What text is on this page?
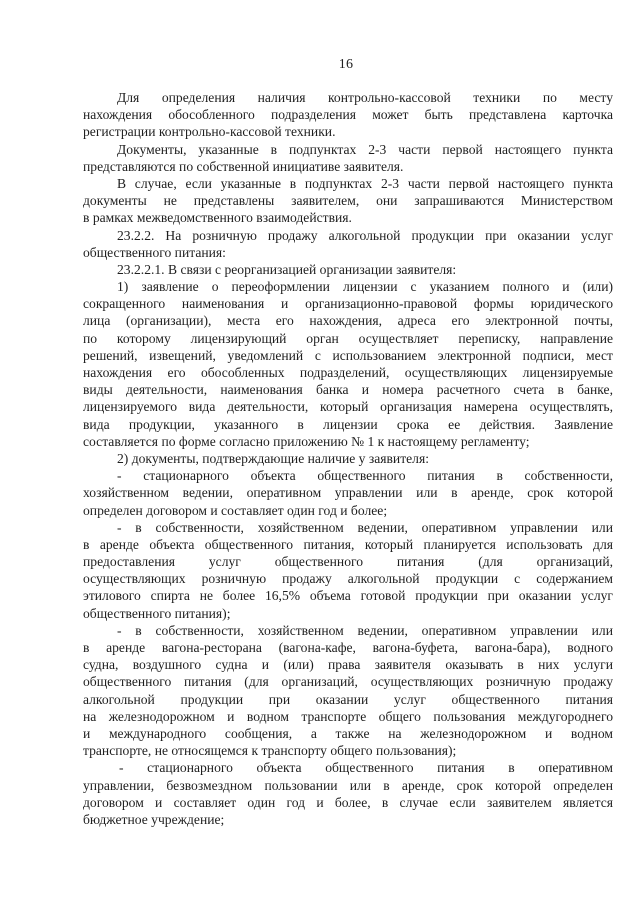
16
Для определения наличия контрольно-кассовой техники по месту
нахождения обособленного подразделения может быть представлена карточка
регистрации контрольно-кассовой техники.
Документы, указанные в подпунктах 2-3 части первой настоящего пункта
представляются по собственной инициативе заявителя.
В случае, если указанные в подпунктах 2-3 части первой настоящего пункта
документы не представлены заявителем, они запрашиваются Министерством
в рамках межведомственного взаимодействия.
23.2.2. На розничную продажу алкогольной продукции при оказании услуг
общественного питания:
23.2.2.1. В связи с реорганизацией организации заявителя:
1) заявление о переоформлении лицензии с указанием полного и (или)
сокращенного наименования и организационно-правовой формы юридического
лица (организации), места его нахождения, адреса его электронной почты,
по которому лицензирующий орган осуществляет переписку, направление
решений, извещений, уведомлений с использованием электронной подписи, мест
нахождения его обособленных подразделений, осуществляющих лицензируемые
виды деятельности, наименования банка и номера расчетного счета в банке,
лицензируемого вида деятельности, который организация намерена осуществлять,
вида продукции, указанного в лицензии срока ее действия. Заявление
составляется по форме согласно приложению № 1 к настоящему регламенту;
2) документы, подтверждающие наличие у заявителя:
- стационарного объекта общественного питания в собственности,
хозяйственном ведении, оперативном управлении или в аренде, срок которой
определен договором и составляет один год и более;
- в собственности, хозяйственном ведении, оперативном управлении или
в аренде объекта общественного питания, который планируется использовать для
предоставления услуг общественного питания (для организаций,
осуществляющих розничную продажу алкогольной продукции с содержанием
этилового спирта не более 16,5% объема готовой продукции при оказании услуг
общественного питания);
- в собственности, хозяйственном ведении, оперативном управлении или
в аренде вагона-ресторана (вагона-кафе, вагона-буфета, вагона-бара), водного
судна, воздушного судна и (или) права заявителя оказывать в них услуги
общественного питания (для организаций, осуществляющих розничную продажу
алкогольной продукции при оказании услуг общественного питания
на железнодорожном и водном транспорте общего пользования междугороднего
и международного сообщения, а также на железнодорожном и водном
транспорте, не относящемся к транспорту общего пользования);
- стационарного объекта общественного питания в оперативном
управлении, безвозмездном пользовании или в аренде, срок которой определен
договором и составляет один год и более, в случае если заявителем является
бюджетное учреждение;
